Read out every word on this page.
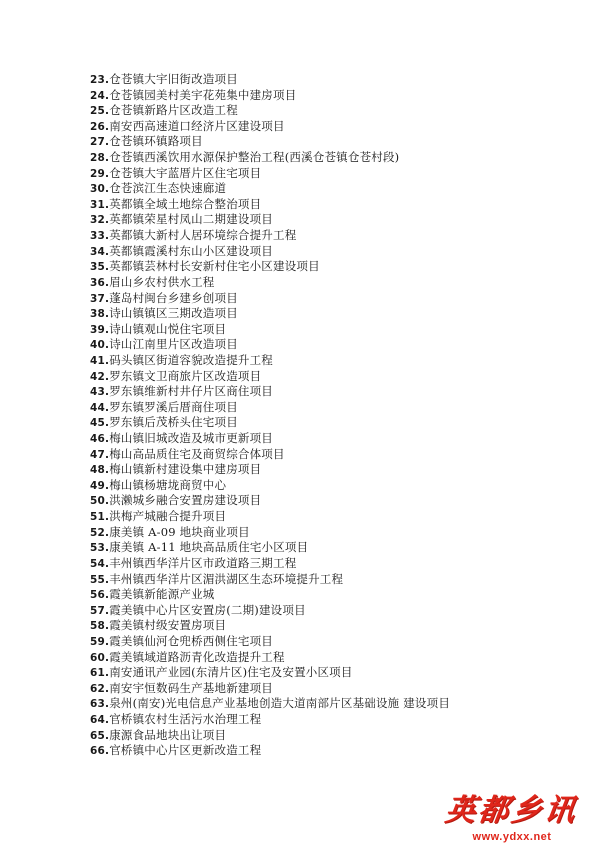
23.仓苍镇大宇旧街改造项目
24.仓苍镇园美村美宇花苑集中建房项目
25.仓苍镇新路片区改造工程
26.南安西高速道口经济片区建设项目
27.仓苍镇环镇路项目
28.仓苍镇西溪饮用水源保护整治工程(西溪仓苍镇仓苍村段)
29.仓苍镇大宇蓝厝片区住宅项目
30.仓苍滨江生态快速廊道
31.英都镇全域土地综合整治项目
32.英都镇荣星村凤山二期建设项目
33.英都镇大新村人居环境综合提升工程
34.英都镇霞溪村东山小区建设项目
35.英都镇芸林村长安新村住宅小区建设项目
36.眉山乡农村供水工程
37.蓬岛村闽台乡建乡创项目
38.诗山镇镇区三期改造项目
39.诗山镇观山悦住宅项目
40.诗山江南里片区改造项目
41.码头镇区街道容貌改造提升工程
42.罗东镇文卫商旅片区改造项目
43.罗东镇维新村井仔片区商住项目
44.罗东镇罗溪后厝商住项目
45.罗东镇后茂桥头住宅项目
46.梅山镇旧城改造及城市更新项目
47.梅山高品质住宅及商贸综合体项目
48.梅山镇新村建设集中建房项目
49.梅山镇杨塘垅商贸中心
50.洪濑城乡融合安置房建设项目
51.洪梅产城融合提升项目
52.康美镇 A-09 地块商业项目
53.康美镇 A-11 地块高品质住宅小区项目
54.丰州镇西华洋片区市政道路三期工程
55.丰州镇西华洋片区湄洪湖区生态环境提升工程
56.霞美镇新能源产业城
57.霞美镇中心片区安置房(二期)建设项目
58.霞美镇村级安置房项目
59.霞美镇仙河仓兜桥西侧住宅项目
60.霞美镇域道路沥青化改造提升工程
61.南安通讯产业园(东清片区)住宅及安置小区项目
62.南安宇恒数码生产基地新建项目
63.泉州(南安)光电信息产业基地创造大道南部片区基础设施 建设项目
64.官桥镇农村生活污水治理工程
65.康源食品地块出让项目
66.官桥镇中心片区更新改造工程
英都乡讯
www.ydxx.net
